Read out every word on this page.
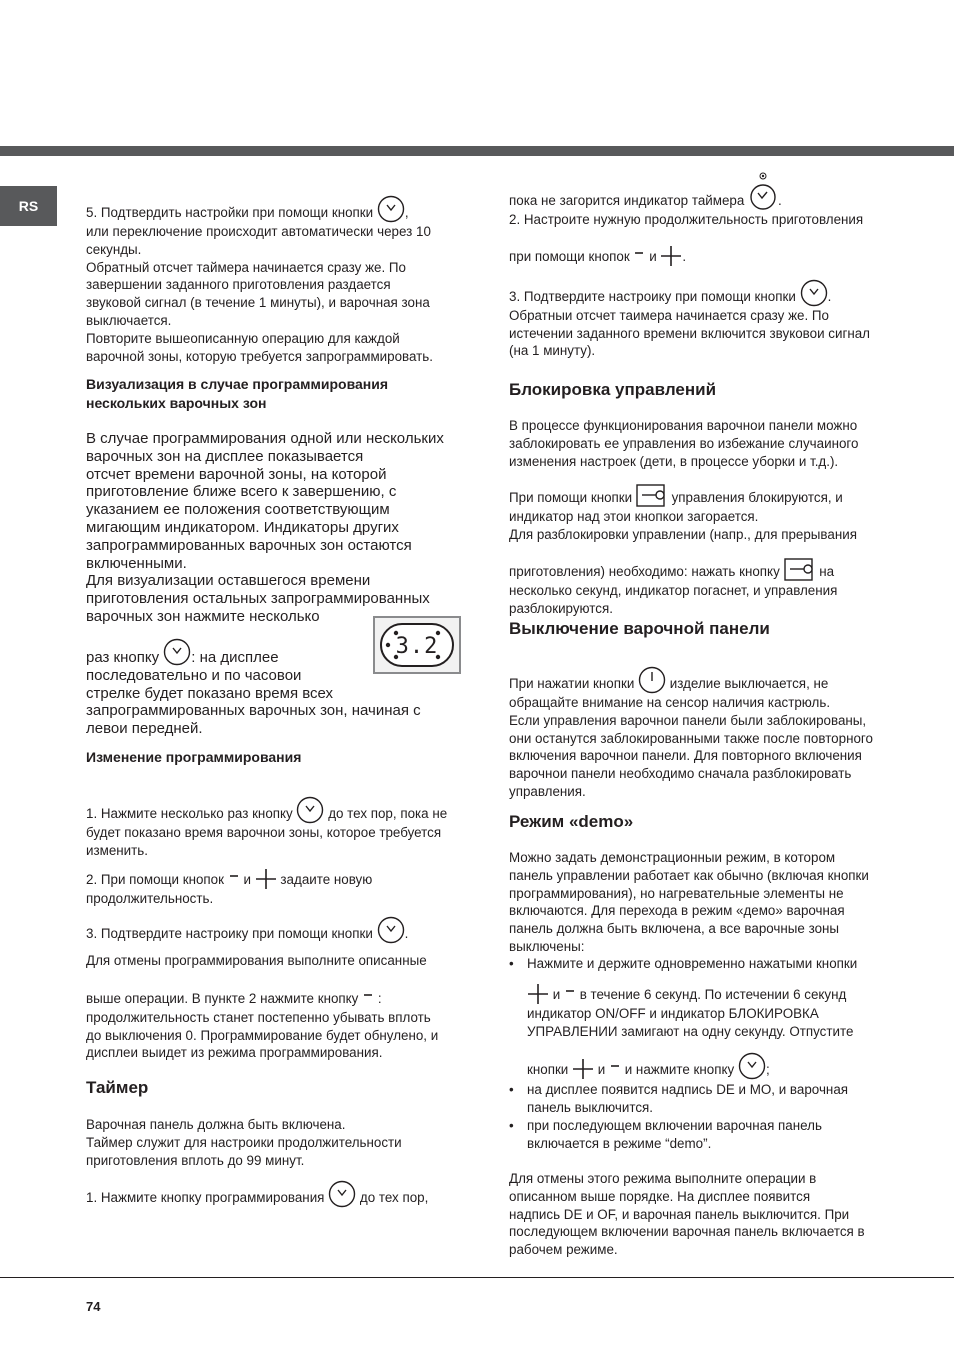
RS
74
5. Подтвердить настройки при помощи кнопки ,
или переключение происходит автоматически через 10
секунды.
Обратный отсчет таймера начинается сразу же. По
завершении заданного приготовления раздается
звуковой сигнал (в течение 1 минуты), и варочная зона
выключается.
Повторите вышеописанную операцию для каждой
варочной зоны, которую требуется запрограммировать.
Визуализация в случае программирования
нескольких варочных зон
В случае программирования одной или нескольких
варочных зон на дисплее показывается
отсчет времени варочной зоны, на которой
приготовление ближе всего к завершению, с
указанием ее положения соответствующим
мигающим индикатором. Индикаторы других
запрограммированных варочных зон остаются
включенными.
Для визуализации оставшегося времени
приготовления остальных запрограммированных
варочных зон нажмите несколько
раз кнопку : на дисплее
последовательно и по часовои
стрелке будет показано время всех
запрограммированных варочных зон, начиная с
левои передней.
3.2
Изменение программирования
1. Нажмите несколько раз кнопку	до тех пор, пока не
будет показано время варочнои зоны, которое требуется
изменить.
2. При помощи кнопок и задаите новую
продолжительность.
3. Подтвердите настроику при помощи кнопки .
Для отмены программирования выполните описанные
выше операции. В пункте 2 нажмите кнопку :
продолжительность станет постепенно убывать вплоть
до выключения 0. Программирование будет обнулено, и
дисплеи выидет из режима программирования.
Таймер
Варочная панель должна быть включена.
Таймер служит для настроики продолжительности
приготовления вплоть до 99 минут.
1. Нажмите кнопку программирования	до тех пор,
пока не загорится индикатор таймера	.
2. Настроите нужную продолжительность приготовления
при помощи кнопок и .
3. Подтвердите настроику при помощи кнопки .
Обратныи отсчет таимера начинается сразу же. По
истечении заданного времени включится звуковои сигнал
(на 1 минуту).
Блокировка управлений
В процессе функционирования варочнои панели можно
заблокировать ее управления во избежание случаиного
изменения настроек (дети, в процессе уборки и т.д.).
При помощи кнопки	управления блокируются, и
индикатор над этои кнопкои загорается.
Для разблокировки управлении (напр., для прерывания
приготовления) необходимо: нажать кнопку	на
несколько секунд, индикатор погаснет, и управления
разблокируются.
Выключение варочной панели
При нажатии кнопки	изделие выключается, не
обращайте внимание на сенсор наличия кастрюль.
Если управления варочнои панели были заблокированы,
они останутся заблокированными также после повторного
включения варочнои панели. Для повторного включения
варочнои панели необходимо сначала разблокировать
управления.
Режим «demo»
Можно задать демонстрационныи режим, в котором
панель управлении работает как обычно (включая кнопки
программирования), но нагревательные элементы не
включаются. Для перехода в режим «демо» варочная
панель должна быть включена, а все варочные зоны
выключены:
• Нажмите и держите одновременно нажатыми кнопки
и в течение 6 секунд. По истечении 6 секунд
индикатор ON/OFF и индикатор БЛОКИРОВКА
УПРАВЛЕНИИ замигают на одну секунду. Отпустите
кнопки и и нажмите кнопку ;
• на дисплее появится надпись DE и MO, и варочная
панель выключится.
• при последующем включении варочная панель
включается в режиме “demo”.
Для отмены этого режима выполните операции в
описанном выше порядке. На дисплее появится
надпись DE и OF, и варочная панель выключится. При
последующем включении варочная панель включается в
рабочем режиме.
